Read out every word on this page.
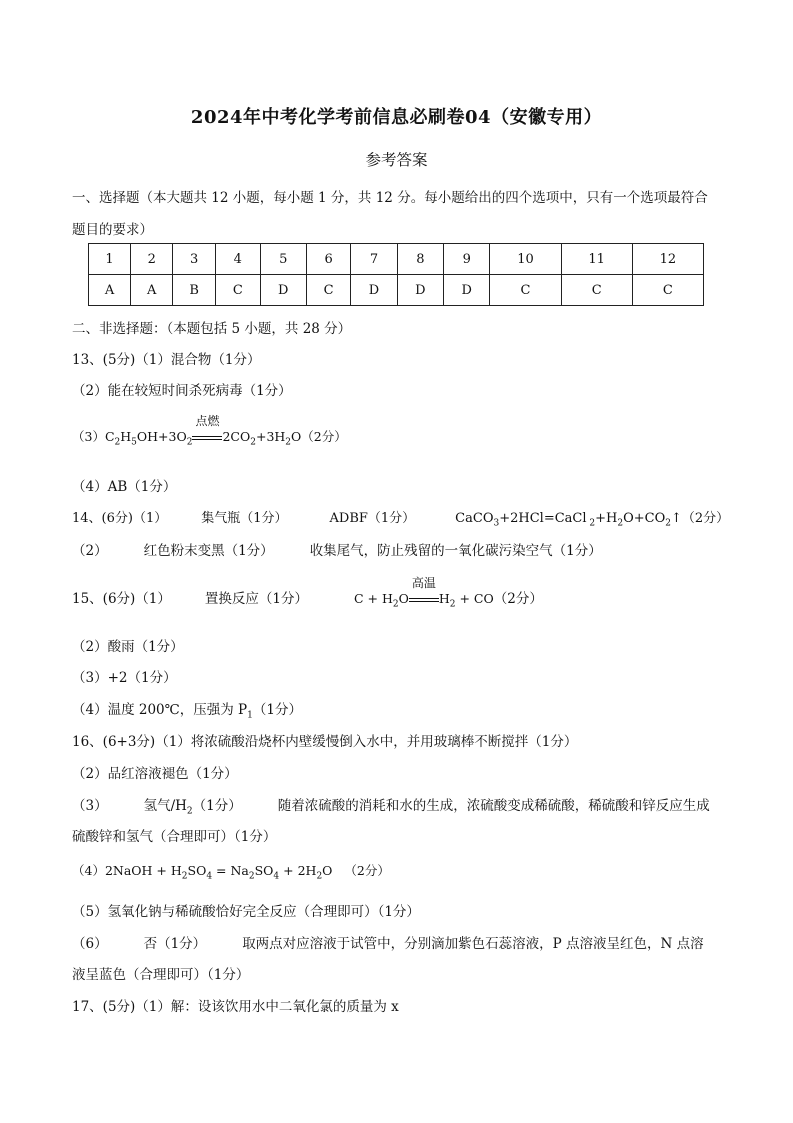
2024年中考化学考前信息必刷卷04（安徽专用）
参考答案
一、选择题（本大题共 12 小题，每小题 1 分，共 12 分。每小题给出的四个选项中，只有一个选项最符合
题目的要求）
1	2	3	4	5	6	7	8	9	10	11	12
A	A	B	C	D	C	D	D	D	C	C	C
二、非选择题：（本题包括 5 小题，共 28 分）
13、(5分)（1）混合物（1分）
（2）能在较短时间杀死病毒（1分）
$(3)C_2H_5OH+3O_2$
点燃
$2CO_2+3H_2O(2$分）
（4）AB（1分）
14、(6分)（1）	集气瓶（1分）	ADBF（1分）	CaCO$_3$+2HCl=CaCl $_2+H_2O+CO_2↑(2$分）
（2）	红色粉末变黑（1分）	收集尾气，防止残留的一氧化碳污染空气（1分）
15、(6分)（1）	置换反应（1分）	$C + H_2O$
高温
$H_2 + CO(2$分）
（2）酸雨（1分）
（3）+2（1分）
（4）温度 200℃，压强为 $P_1(1$分）
16、(6+3分)（1）将浓硫酸沿烧杯内壁缓慢倒入水中，并用玻璃棒不断搅拌（1分）
（2）品红溶液褪色（1分）
（3）	氢气$/H_2(1$分）	随着浓硫酸的消耗和水的生成，浓硫酸变成稀硫酸，稀硫酸和锌反应生成
硫酸锌和氢气（合理即可）（1分）
（4）2NaOH + $H_2SO_4 = Na_2SO_4 + 2H_2O$ （2分）
（5）氢氧化钠与稀硫酸恰好完全反应（合理即可）（1分）
（6）	否（1分）	取两点对应溶液于试管中，分别滴加紫色石蕊溶液，P 点溶液呈红色，N 点溶
液呈蓝色（合理即可）（1分）
17、(5分)（1）解：设该饮用水中二氧化氯的质量为 x
